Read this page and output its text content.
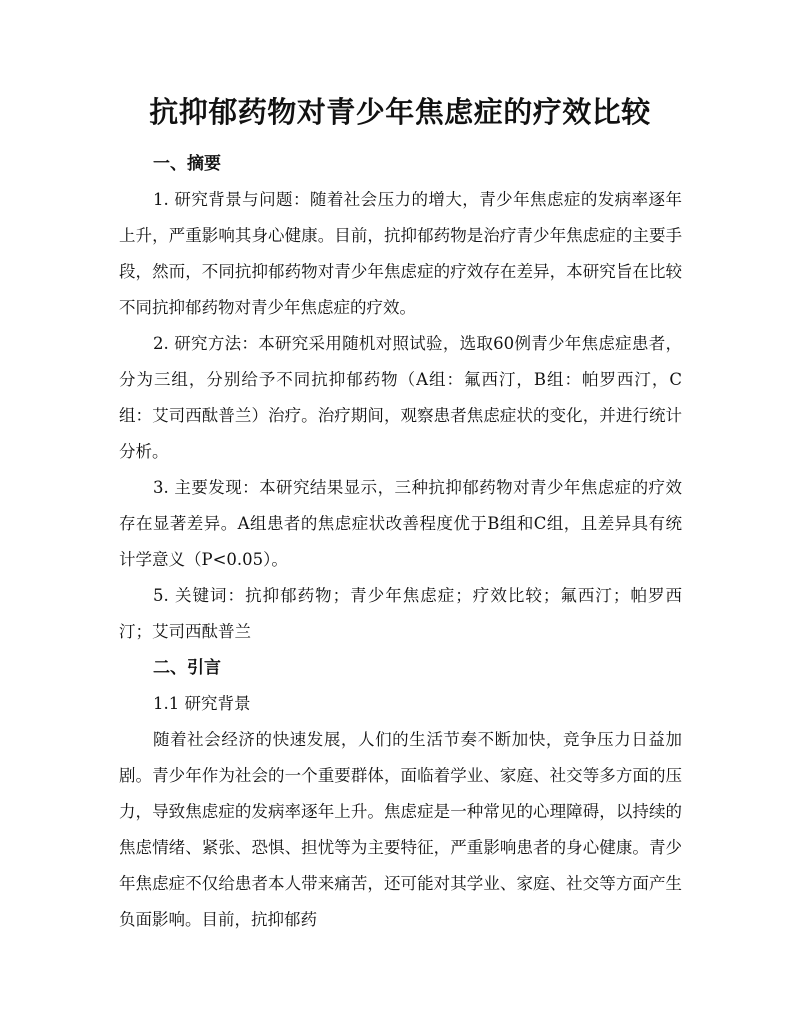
抗抑郁药物对青少年焦虑症的疗效比较
一、摘要

1. 研究背景与问题：随着社会压力的增大，青少年焦虑症的发病率逐年上升，严重影响其身心健康。目前，抗抑郁药物是治疗青少年焦虑症的主要手段，然而，不同抗抑郁药物对青少年焦虑症的疗效存在差异，本研究旨在比较不同抗抑郁药物对青少年焦虑症的疗效。

2. 研究方法：本研究采用随机对照试验，选取60例青少年焦虑症患者，分为三组，分别给予不同抗抑郁药物（A组：氟西汀，B组：帕罗西汀，C组：艾司西酞普兰）治疗。治疗期间，观察患者焦虑症状的变化，并进行统计分析。

3. 主要发现：本研究结果显示，三种抗抑郁药物对青少年焦虑症的疗效存在显著差异。A组患者的焦虑症状改善程度优于B组和C组，且差异具有统计学意义（P<0.05）。

5. 关键词：抗抑郁药物；青少年焦虑症；疗效比较；氟西汀；帕罗西汀；艾司西酞普兰

二、引言
1.1 研究背景

随着社会经济的快速发展，人们的生活节奏不断加快，竞争压力日益加剧。青少年作为社会的一个重要群体，面临着学业、家庭、社交等多方面的压力，导致焦虑症的发病率逐年上升。焦虑症是一种常见的心理障碍，以持续的焦虑情绪、紧张、恐惧、担忧等为主要特征，严重影响患者的身心健康。青少年焦虑症不仅给患者本人带来痛苦，还可能对其学业、家庭、社交等方面产生负面影响。目前，抗抑郁药
